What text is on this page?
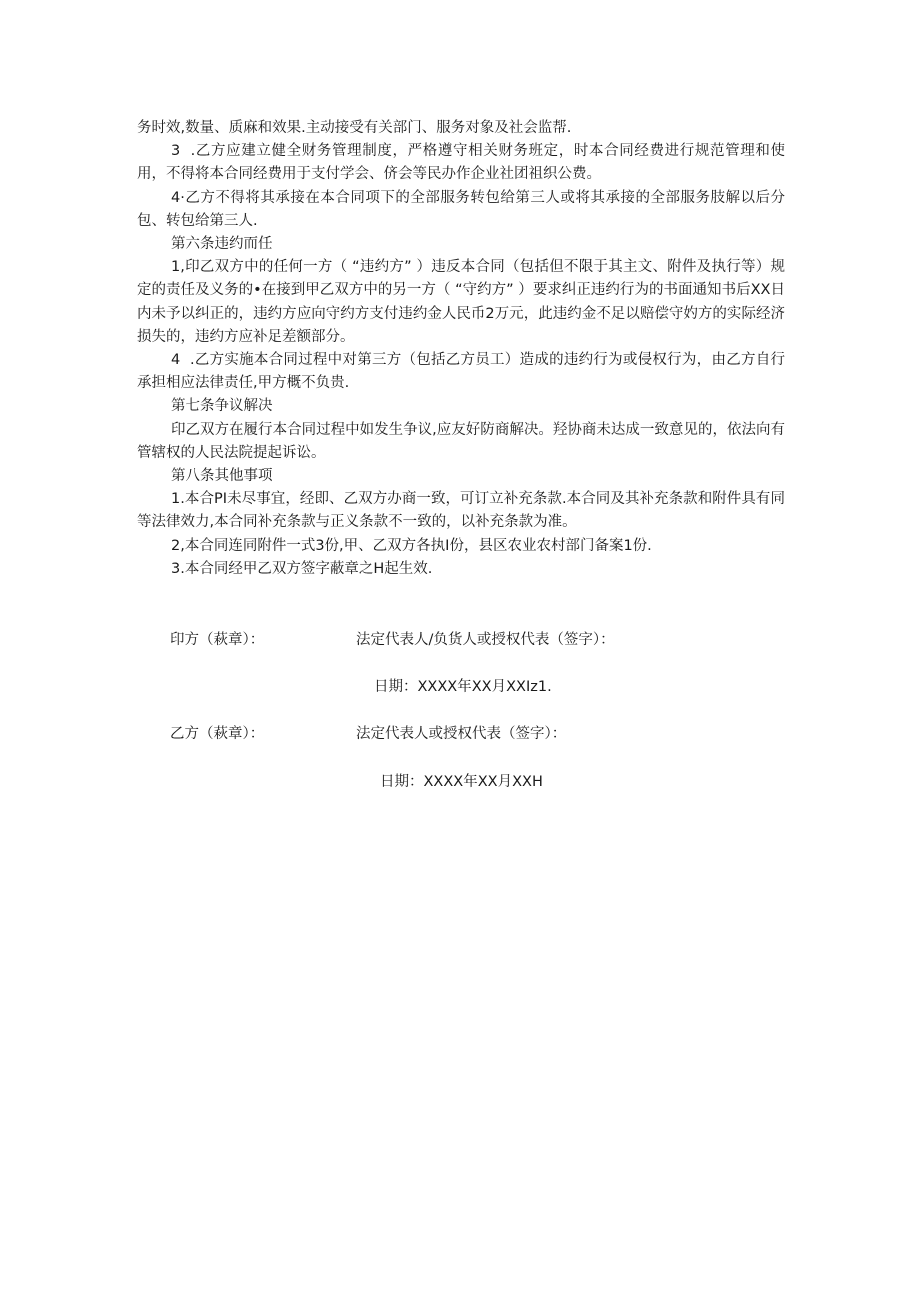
务时效,数量、质麻和效果.主动接受有关部门、服务对象及社会监帮.

3  .乙方应建立健全财务管理制度，严格遵守相关财务班定，时本合同经费进行规范管理和使用，不得将本合同经费用于支付学会、侪会等民办作企业社团祖织公费。

4·乙方不得将其承接在本合同项下的全部服务转包给第三人或将其承接的全部服务肢解以后分包、转包给第三人.

第六条违约而任

1,印乙双方中的任何一方（ “违约方” ）违反本合同（包括但不限于其主文、附件及执行等）规定的责任及义务的•在接到甲乙双方中的另一方（ “守约方” ）要求纠正违约行为的书面通知书后XX日内未予以纠正的，违约方应向守约方支付违约金人民币2万元，此违约金不足以赔偿守妁方的实际经济损失的，违约方应补足差额部分。

4  .乙方实施本合同过程中对第三方（包括乙方员工）造成的违约行为或侵权行为，由乙方自行承担相应法律责任,甲方概不负贵.

第七条争议解决

印乙双方在履行本合同过程中如发生争议,应友好防商解决。羟协商未达成一致意见的，依法向有管辖权的人民法院提起诉讼。

第八条其他事项

1.本合PI未尽事宜，经即、乙双方办商一致，可订立补充条款.本合同及其补充条款和附件具有同等法律效力,本合同补充条款与正义条款不一致的，以补充条款为准。

2,本合同连同附件一式3份,甲、乙双方各执I份，县区农业农村部门备案1份.

3.本合同经甲乙双方签字蔽章之H起生效.

印方（萩章）：	法定代表人/负货人或授权代表（签字）：
日期：XXXX年XX月XXIz1.
乙方（萩章）：	法定代表人或授权代表（签字）：
日期：XXXX年XX月XXH
